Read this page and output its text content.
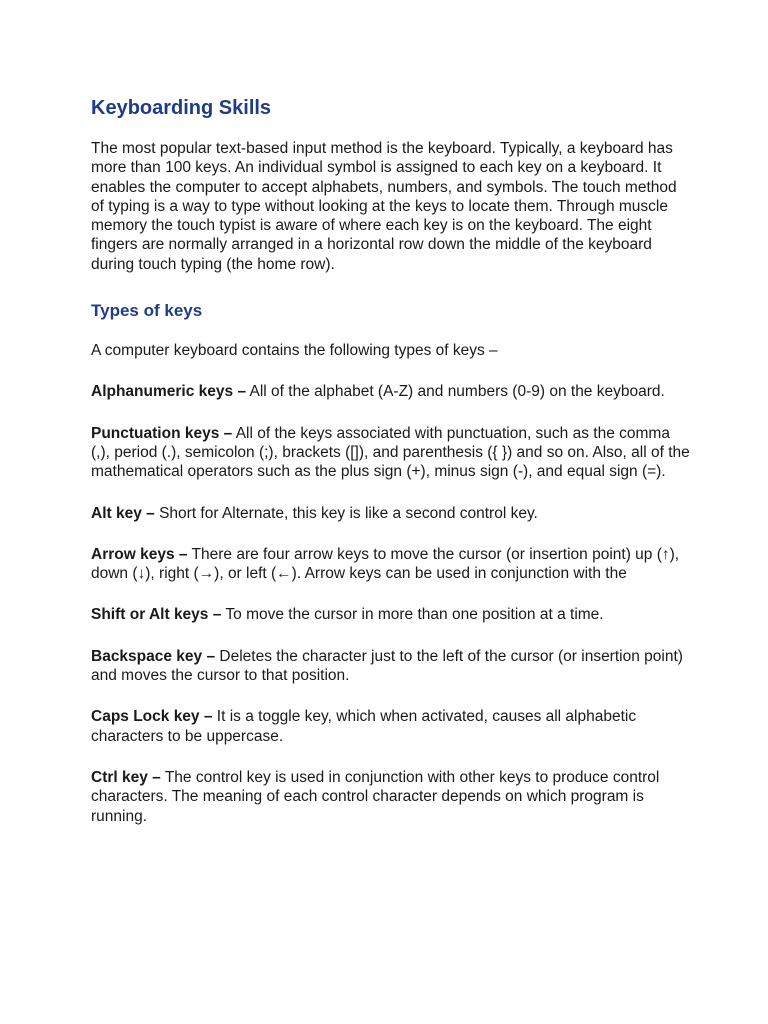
Keyboarding Skills

The most popular text-based input method is the keyboard. Typically, a keyboard has more than 100 keys. An individual symbol is assigned to each key on a keyboard. It enables the computer to accept alphabets, numbers, and symbols. The touch method of typing is a way to type without looking at the keys to locate them. Through muscle memory the touch typist is aware of where each key is on the keyboard. The eight fingers are normally arranged in a horizontal row down the middle of the keyboard during touch typing (the home row).

Types of keys

A computer keyboard contains the following types of keys –

Alphanumeric keys – All of the alphabet (A-Z) and numbers (0-9) on the keyboard.

Punctuation keys – All of the keys associated with punctuation, such as the comma (,), period (.), semicolon (;), brackets ([]), and parenthesis ({ }) and so on. Also, all of the mathematical operators such as the plus sign (+), minus sign (-), and equal sign (=).

Alt key – Short for Alternate, this key is like a second control key.

Arrow keys – There are four arrow keys to move the cursor (or insertion point) up (↑), down (↓), right (→), or left (←). Arrow keys can be used in conjunction with the

Shift or Alt keys – To move the cursor in more than one position at a time.

Backspace key – Deletes the character just to the left of the cursor (or insertion point) and moves the cursor to that position.

Caps Lock key – It is a toggle key, which when activated, causes all alphabetic characters to be uppercase.

Ctrl key – The control key is used in conjunction with other keys to produce control characters. The meaning of each control character depends on which program is running.
